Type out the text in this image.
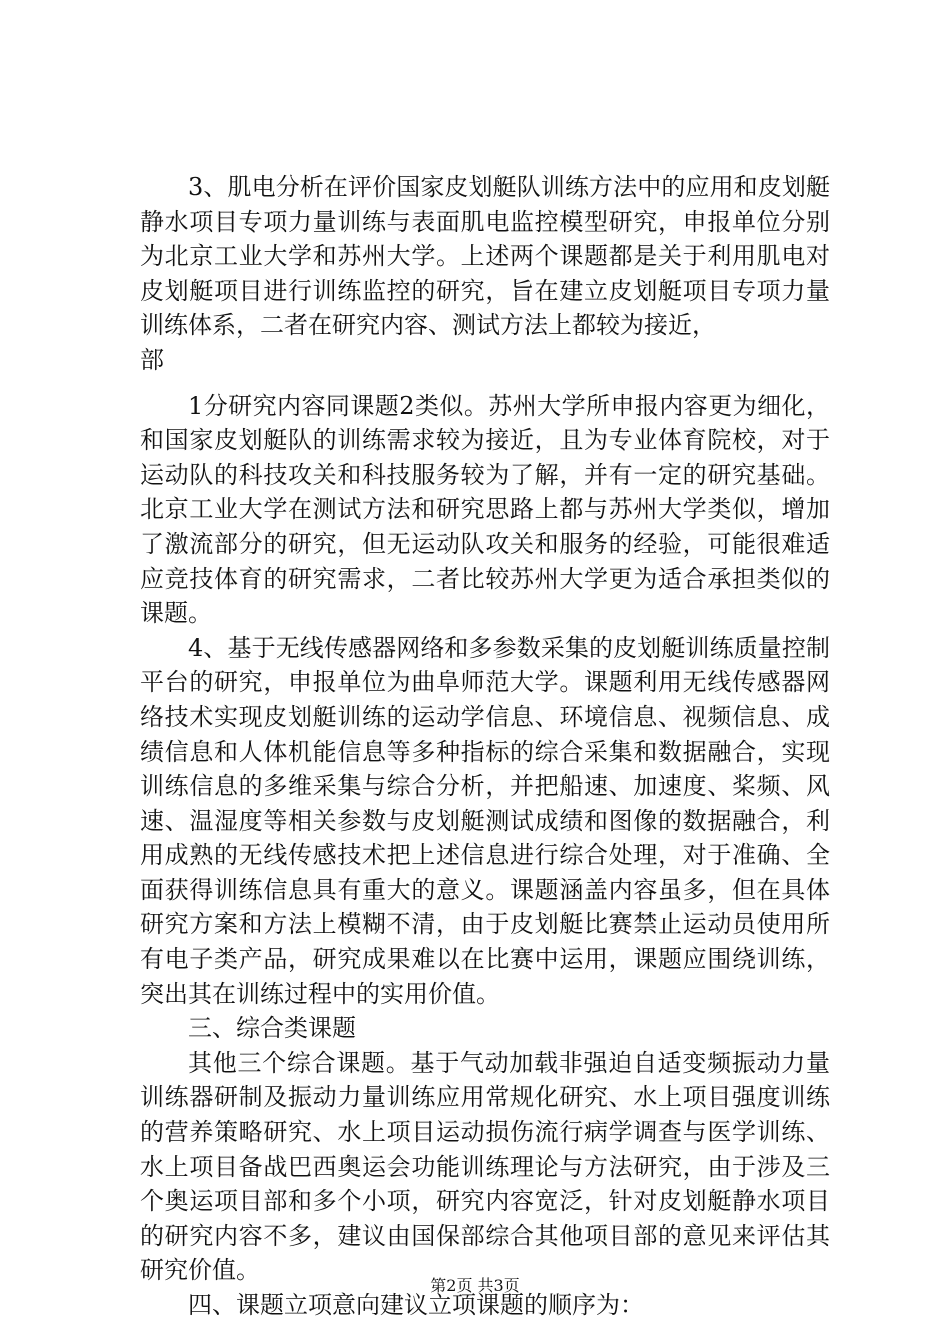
3、肌电分析在评价国家皮划艇队训练方法中的应用和皮划艇静水项目专项力量训练与表面肌电监控模型研究，申报单位分别为北京工业大学和苏州大学。上述两个课题都是关于利用肌电对皮划艇项目进行训练监控的研究，旨在建立皮划艇项目专项力量训练体系，二者在研究内容、测试方法上都较为接近，

部

1分研究内容同课题2类似。苏州大学所申报内容更为细化，和国家皮划艇队的训练需求较为接近，且为专业体育院校，对于运动队的科技攻关和科技服务较为了解，并有一定的研究基础。北京工业大学在测试方法和研究思路上都与苏州大学类似，增加了激流部分的研究，但无运动队攻关和服务的经验，可能很难适应竞技体育的研究需求，二者比较苏州大学更为适合承担类似的课题。

4、基于无线传感器网络和多参数采集的皮划艇训练质量控制平台的研究，申报单位为曲阜师范大学。课题利用无线传感器网络技术实现皮划艇训练的运动学信息、环境信息、视频信息、成绩信息和人体机能信息等多种指标的综合采集和数据融合，实现训练信息的多维采集与综合分析，并把船速、加速度、桨频、风速、温湿度等相关参数与皮划艇测试成绩和图像的数据融合，利用成熟的无线传感技术把上述信息进行综合处理，对于准确、全面获得训练信息具有重大的意义。课题涵盖内容虽多，但在具体研究方案和方法上模糊不清，由于皮划艇比赛禁止运动员使用所有电子类产品，研究成果难以在比赛中运用，课题应围绕训练，突出其在训练过程中的实用价值。

三、综合类课题

其他三个综合课题。基于气动加载非强迫自适变频振动力量训练器研制及振动力量训练应用常规化研究、水上项目强度训练的营养策略研究、水上项目运动损伤流行病学调查与医学训练、水上项目备战巴西奥运会功能训练理论与方法研究，由于涉及三个奥运项目部和多个小项，研究内容宽泛，针对皮划艇静水项目的研究内容不多，建议由国保部综合其他项目部的意见来评估其研究价值。

四、课题立项意向建议立项课题的顺序为：

第2页 共3页
